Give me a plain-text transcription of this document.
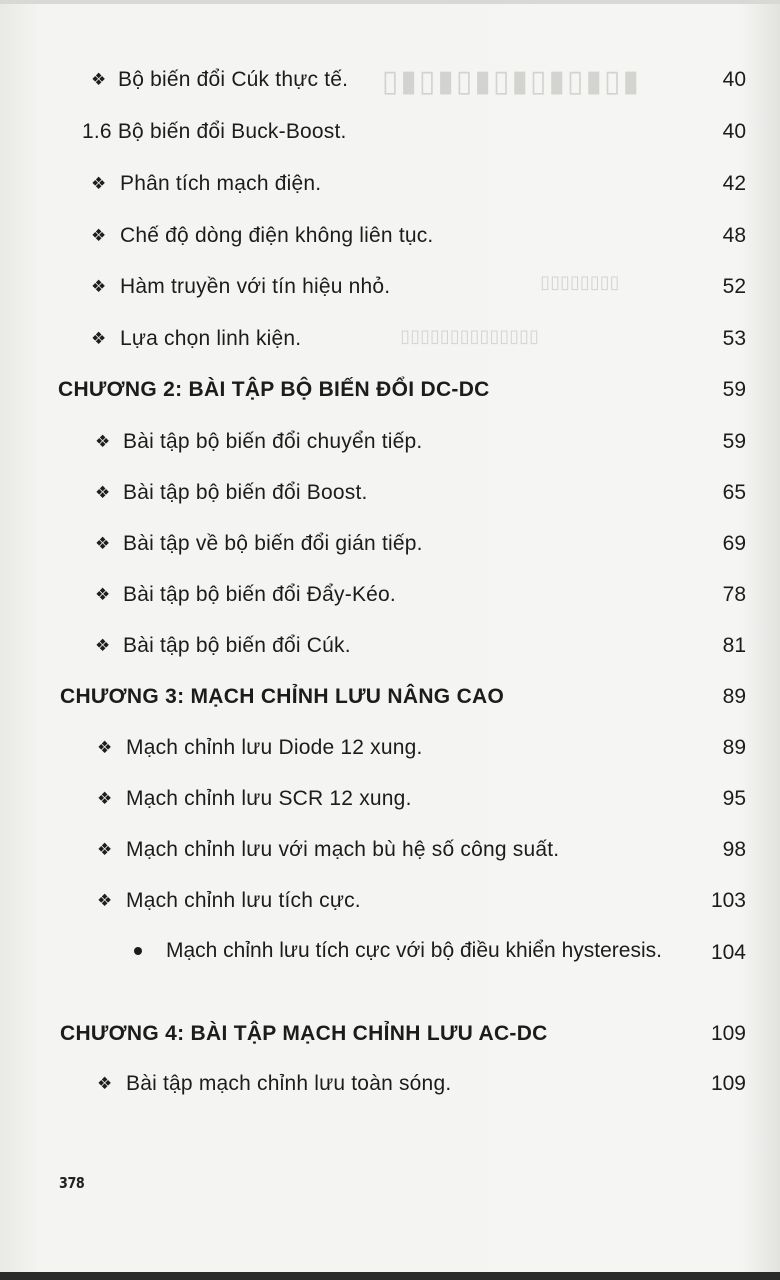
▮▯▮▯▮▯▮▯▮▯▮▯▮▯
▯▯▯▯▯▯▯▯
▯▯▯▯▯▯▯▯▯▯▯▯▯▯
❖ Bộ biến đổi Cúk thực tế.	40
1.6 Bộ biến đổi Buck-Boost.	40
❖ Phân tích mạch điện.	42
❖ Chế độ dòng điện không liên tục.	48
❖ Hàm truyền với tín hiệu nhỏ.	52
❖ Lựa chọn linh kiện.	53
CHƯƠNG 2: BÀI TẬP BỘ BIẾN ĐỔI DC-DC	59
❖ Bài tập bộ biến đổi chuyển tiếp.	59
❖ Bài tập bộ biến đổi Boost.	65
❖ Bài tập về bộ biến đổi gián tiếp.	69
❖ Bài tập bộ biến đổi Đẩy-Kéo.	78
❖ Bài tập bộ biến đổi Cúk.	81
CHƯƠNG 3: MẠCH CHỈNH LƯU NÂNG CAO	89
❖ Mạch chỉnh lưu Diode 12 xung.	89
❖ Mạch chỉnh lưu SCR 12 xung.	95
❖ Mạch chỉnh lưu với mạch bù hệ số công suất.	98
❖ Mạch chỉnh lưu tích cực.	103
Mạch chỉnh lưu tích cực với bộ điều khiển hysteresis.	104
CHƯƠNG 4: BÀI TẬP MẠCH CHỈNH LƯU AC-DC	109
❖ Bài tập mạch chỉnh lưu toàn sóng.	109
378
